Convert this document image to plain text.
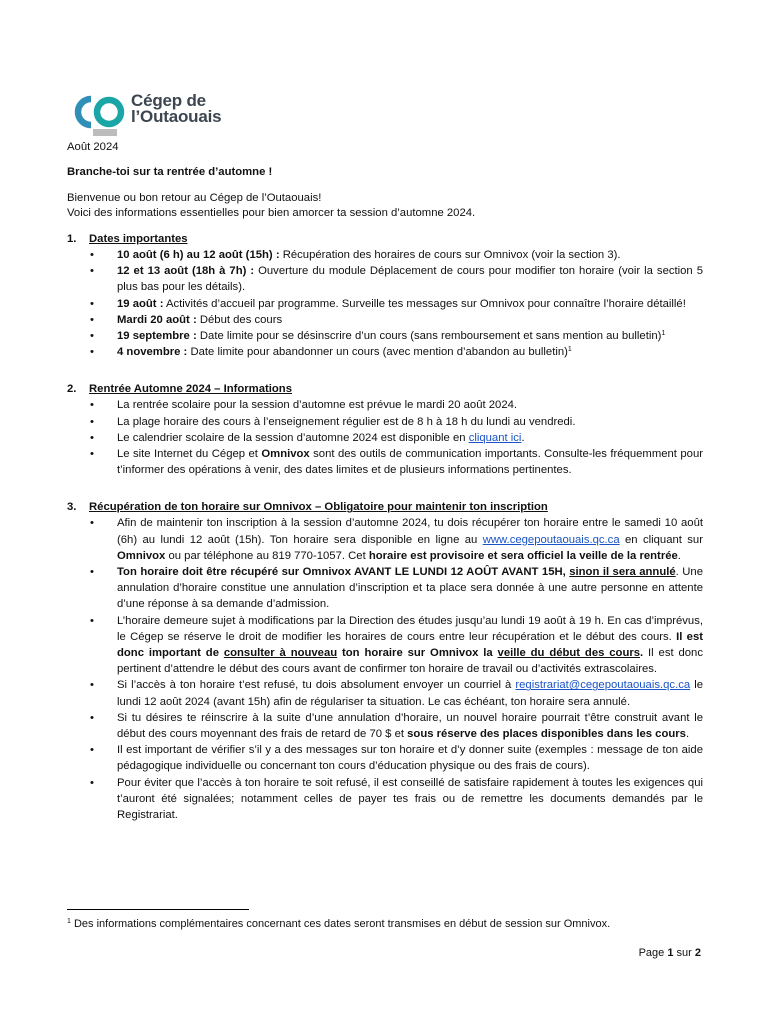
Cégep de
l’Outaouais

Août 2024

Branche-toi sur ta rentrée d’automne !

Bienvenue ou bon retour au Cégep de l’Outaouais!

Voici des informations essentielles pour bien amorcer ta session d’automne 2024.

1.	Dates importantes
• 10 août (6 h) au 12 août (15h) : Récupération des horaires de cours sur Omnivox (voir la section 3).
• 12 et 13 août (18h à 7h) : Ouverture du module Déplacement de cours pour modifier ton horaire (voir la section 5 plus bas pour les détails).
• 19 août : Activités d’accueil par programme. Surveille tes messages sur Omnivox pour connaître l’horaire détaillé!
• Mardi 20 août : Début des cours
• 19 septembre : Date limite pour se désinscrire d’un cours (sans remboursement et sans mention au bulletin)$^1$
• 4 novembre : Date limite pour abandonner un cours (avec mention d’abandon au bulletin)$^1$
2.	Rentrée Automne 2024 – Informations
• La rentrée scolaire pour la session d’automne est prévue le mardi 20 août 2024.
• La plage horaire des cours à l’enseignement régulier est de 8 h à 18 h du lundi au vendredi.
• Le calendrier scolaire de la session d’automne 2024 est disponible en cliquant ici.
• Le site Internet du Cégep et Omnivox sont des outils de communication importants. Consulte-les fréquemment pour t’informer des opérations à venir, des dates limites et de plusieurs informations pertinentes.
3.	Récupération de ton horaire sur Omnivox – Obligatoire pour maintenir ton inscription
• Afin de maintenir ton inscription à la session d’automne 2024, tu dois récupérer ton horaire entre le samedi 10 août (6h) au lundi 12 août (15h). Ton horaire sera disponible en ligne au www.cegepoutaouais.qc.ca en cliquant sur Omnivox ou par téléphone au 819 770-1057. Cet horaire est provisoire et sera officiel la veille de la rentrée.
• Ton horaire doit être récupéré sur Omnivox AVANT LE LUNDI 12 AOÛT AVANT 15H, sinon il sera annulé. Une annulation d’horaire constitue une annulation d’inscription et ta place sera donnée à une autre personne en attente d’une réponse à sa demande d’admission.
• L’horaire demeure sujet à modifications par la Direction des études jusqu’au lundi 19 août à 19 h. En cas d’imprévus, le Cégep se réserve le droit de modifier les horaires de cours entre leur récupération et le début des cours. Il est donc important de consulter à nouveau ton horaire sur Omnivox la veille du début des cours. Il est donc pertinent d’attendre le début des cours avant de confirmer ton horaire de travail ou d’activités extrascolaires.
• Si l’accès à ton horaire t’est refusé, tu dois absolument envoyer un courriel à registrariat@cegepoutaouais.qc.ca le lundi 12 août 2024 (avant 15h) afin de régulariser ta situation. Le cas échéant, ton horaire sera annulé.
• Si tu désires te réinscrire à la suite d’une annulation d’horaire, un nouvel horaire pourrait t’être construit avant le début des cours moyennant des frais de retard de 70 $ et sous réserve des places disponibles dans les cours.
• Il est important de vérifier s’il y a des messages sur ton horaire et d’y donner suite (exemples : message de ton aide pédagogique individuelle ou concernant ton cours d’éducation physique ou des frais de cours).
• Pour éviter que l’accès à ton horaire te soit refusé, il est conseillé de satisfaire rapidement à toutes les exigences qui t’auront été signalées; notamment celles de payer tes frais ou de remettre les documents demandés par le Registrariat.
$^1$ Des informations complémentaires concernant ces dates seront transmises en début de session sur Omnivox.
Page 1 sur 2
